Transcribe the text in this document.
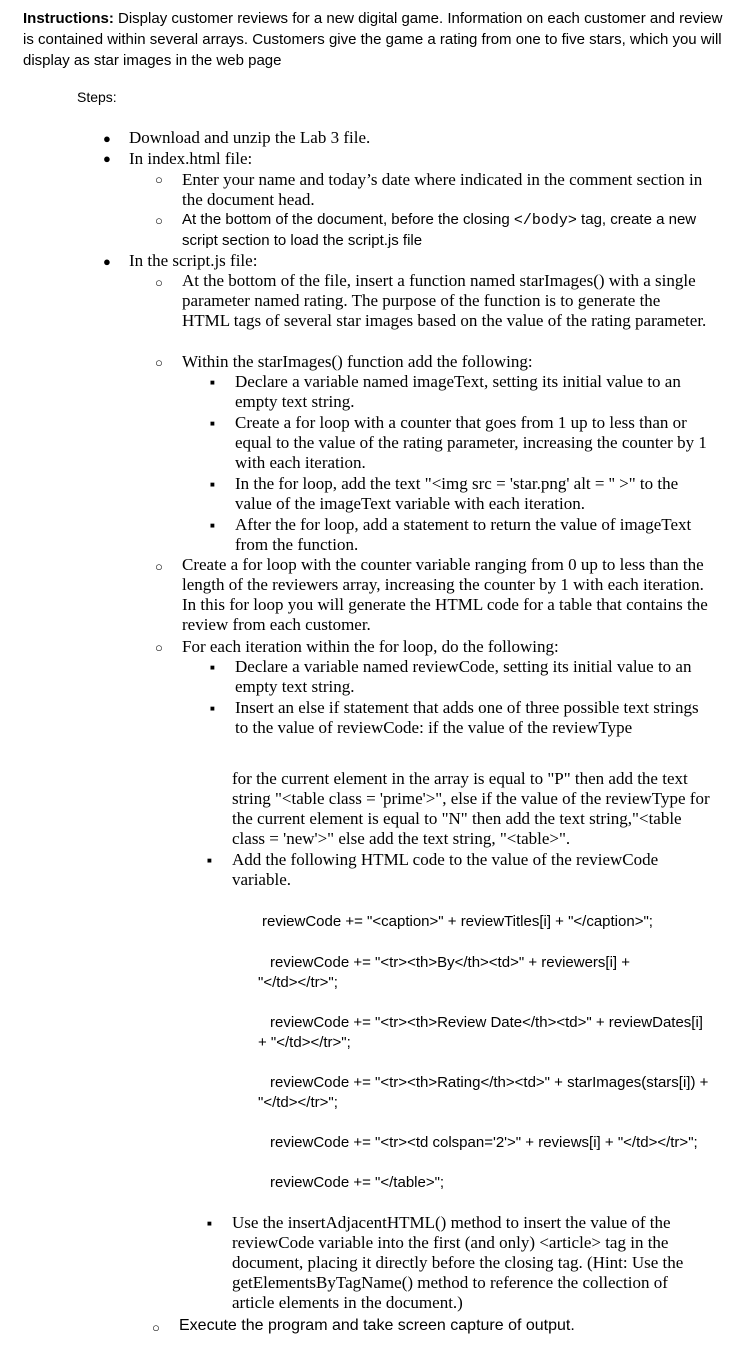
Instructions: Display customer reviews for a new digital game. Information on each customer and review is contained within several arrays. Customers give the game a rating from one to five stars, which you will display as star images in the web page

Steps:
● Download and unzip the Lab 3 file.
● In index.html file:
○ Enter your name and today’s date where indicated in the comment section in the document head.
○ At the bottom of the document, before the closing </body> tag, create a new script section to load the script.js file
● In the script.js file:
○ At the bottom of the file, insert a function named starImages() with a single parameter named rating. The purpose of the function is to generate the HTML tags of several star images based on the value of the rating parameter.
○ Within the starImages() function add the following:
■ Declare a variable named imageText, setting its initial value to an empty text string.
■ Create a for loop with a counter that goes from 1 up to less than or equal to the value of the rating parameter, increasing the counter by 1 with each iteration.
■ In the for loop, add the text "<img src = 'star.png' alt = '' >" to the value of the imageText variable with each iteration.
■ After the for loop, add a statement to return the value of imageText from the function.
○ Create a for loop with the counter variable ranging from 0 up to less than the length of the reviewers array, increasing the counter by 1 with each iteration. In this for loop you will generate the HTML code for a table that contains the review from each customer.
○ For each iteration within the for loop, do the following:
■ Declare a variable named reviewCode, setting its initial value to an empty text string.
■ Insert an else if statement that adds one of three possible text strings to the value of reviewCode: if the value of the reviewType
for the current element in the array is equal to "P" then add the text string "<table class = 'prime'>", else if the value of the reviewType for the current element is equal to "N" then add the text string,"<table class = 'new'>" else add the text string, "<table>".
■ Add the following HTML code to the value of the reviewCode variable.
reviewCode += "<caption>" + reviewTitles[i] + "</caption>";
reviewCode += "<tr><th>By</th><td>" + reviewers[i] +
"</td></tr>";
reviewCode += "<tr><th>Review Date</th><td>" + reviewDates[i]
+ "</td></tr>";
reviewCode += "<tr><th>Rating</th><td>" + starImages(stars[i]) +
"</td></tr>";
reviewCode += "<tr><td colspan='2'>" + reviews[i] + "</td></tr>";
reviewCode += "</table>";
■ Use the insertAdjacentHTML() method to insert the value of the reviewCode variable into the first (and only) <article> tag in the document, placing it directly before the closing tag. (Hint: Use the getElementsByTagName() method to reference the collection of article elements in the document.)
○ Execute the program and take screen capture of output.
